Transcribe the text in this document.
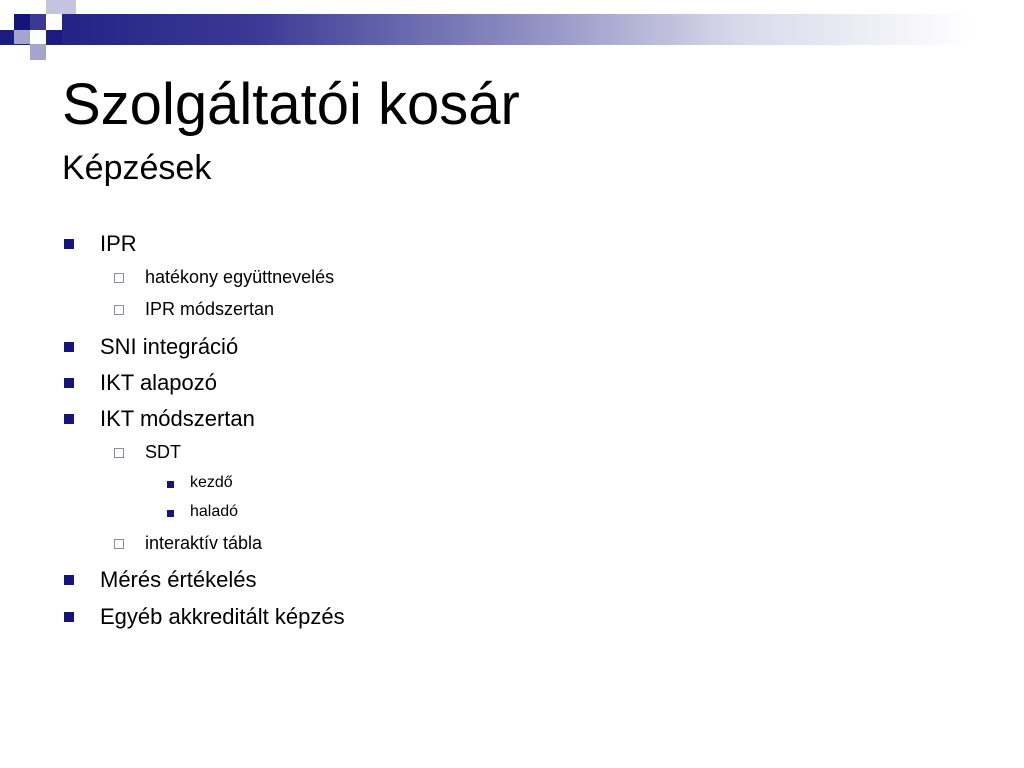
Szolgáltatói kosár
Képzések
IPR
hatékony együttnevelés
IPR módszertan
SNI integráció
IKT alapozó
IKT módszertan
SDT
kezdő
haladó
interaktív tábla
Mérés értékelés
Egyéb akkreditált képzés
